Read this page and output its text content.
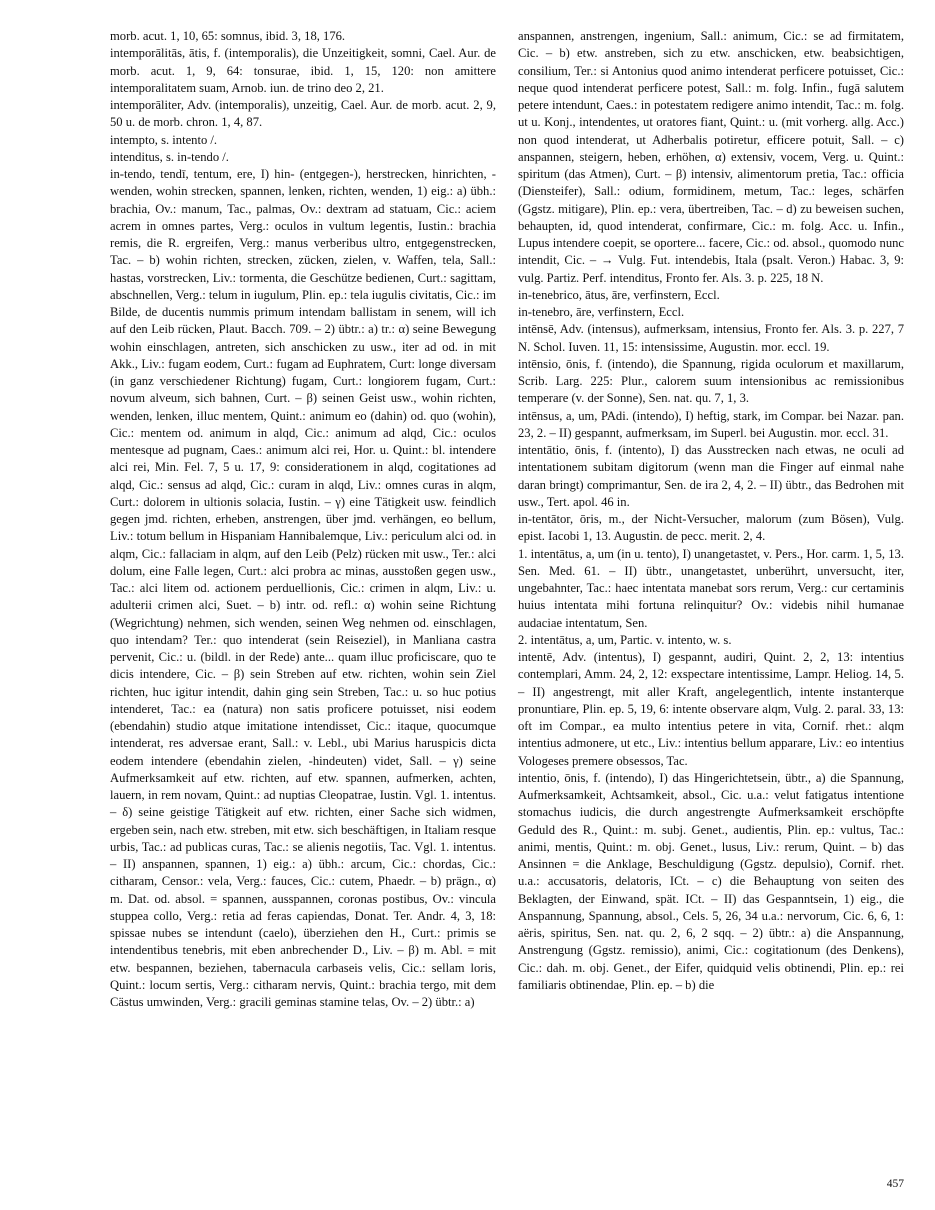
morb. acut. 1, 10, 65: somnus, ibid. 3, 18, 176.

intemporālitās, ātis, f. (intemporalis), die Unzeitigkeit, somni, Cael. Aur. de morb. acut. 1, 9, 64: tonsurae, ibid. 1, 15, 120: non amittere intemporalitatem suam, Arnob. iun. de trino deo 2, 21.

intemporāliter, Adv. (intemporalis), unzeitig, Cael. Aur. de morb. acut. 2, 9, 50 u. de morb. chron. 1, 4, 87.

intempto, s. intento /.

intenditus, s. in-tendo /.

in-tendo, tendī, tentum, ere, I) hin- (entgegen-), herstrecken, hinrichten, -wenden, wohin strecken, spannen, lenken, richten, wenden, 1) eig.: a) übh.: brachia, Ov.: manum, Tac., palmas, Ov.: dextram ad statuam, Cic.: aciem acrem in omnes partes, Verg.: oculos in vultum legentis, Iustin.: brachia remis, die R. ergreifen, Verg.: manus verberibus ultro, entgegenstrecken, Tac. – b) wohin richten, strecken, zücken, zielen, v. Waffen, tela, Sall.: hastas, vorstrecken, Liv.: tormenta, die Geschütze bedienen, Curt.: sagittam, abschnellen, Verg.: telum in iugulum, Plin. ep.: tela iugulis civitatis, Cic.: im Bilde, de ducentis nummis primum intendam ballistam in senem, will ich auf den Leib rücken, Plaut. Bacch. 709. – 2) übtr.: a) tr.: α) seine Bewegung wohin einschlagen, antreten, sich anschicken zu usw., iter ad od. in mit Akk., Liv.: fugam eodem, Curt.: fugam ad Euphratem, Curt: longe diversam (in ganz verschiedener Richtung) fugam, Curt.: longiorem fugam, Curt.: novum alveum, sich bahnen, Curt. – β) seinen Geist usw., wohin richten, wenden, lenken, illuc mentem, Quint.: animum eo (dahin) od. quo (wohin), Cic.: mentem od. animum in alqd, Cic.: animum ad alqd, Cic.: oculos mentesque ad pugnam, Caes.: animum alci rei, Hor. u. Quint.: bl. intendere alci rei, Min. Fel. 7, 5 u. 17, 9: considerationem in alqd, cogitationes ad alqd, Cic.: sensus ad alqd, Cic.: curam in alqd, Liv.: omnes curas in alqm, Curt.: dolorem in ultionis solacia, Iustin. – γ) eine Tätigkeit usw. feindlich gegen jmd. richten, erheben, anstrengen, über jmd. verhängen, eo bellum, Liv.: totum bellum in Hispaniam Hannibalemque, Liv.: periculum alci od. in alqm, Cic.: fallaciam in alqm, auf den Leib (Pelz) rücken mit usw., Ter.: alci dolum, eine Falle legen, Curt.: alci probra ac minas, ausstoßen gegen usw., Tac.: alci litem od. actionem perduellionis, Cic.: crimen in alqm, Liv.: u. adulterii crimen alci, Suet. – b) intr. od. refl.: α) wohin seine Richtung (Wegrichtung) nehmen, sich wenden, seinen Weg nehmen od. einschlagen, quo intendam? Ter.: quo intenderat (sein Reiseziel), in Manliana castra pervenit, Cic.: u. (bildl. in der Rede) ante... quam illuc proficiscare, quo te dicis intendere, Cic. – β) sein Streben auf etw. richten, wohin sein Ziel richten, huc igitur intendit, dahin ging sein Streben, Tac.: u. so huc potius intenderet, Tac.: ea (natura) non satis proficere potuisset, nisi eodem (ebendahin) studio atque imitatione intendisset, Cic.: itaque, quocumque intenderat, res adversae erant, Sall.: v. Lebl., ubi Marius haruspicis dicta eodem intendere (ebendahin zielen, -hindeuten) videt, Sall. – γ) seine Aufmerksamkeit auf etw. richten, auf etw. spannen, aufmerken, achten, lauern, in rem novam, Quint.: ad nuptias Cleopatrae, Iustin. Vgl. 1. intentus. – δ) seine geistige Tätigkeit auf etw. richten, einer Sache sich widmen, ergeben sein, nach etw. streben, mit etw. sich beschäftigen, in Italiam resque urbis, Tac.: ad publicas curas, Tac.: se alienis negotiis, Tac. Vgl. 1. intentus. – II) anspannen, spannen, 1) eig.: a) übh.: arcum, Cic.: chordas, Cic.: citharam, Censor.: vela, Verg.: fauces, Cic.: cutem, Phaedr. – b) prägn., α) m. Dat. od. absol. = spannen, ausspannen, coronas postibus, Ov.: vincula stuppea collo, Verg.: retia ad feras capiendas, Donat. Ter. Andr. 4, 3, 18: spissae nubes se intendunt (caelo), überziehen den H., Curt.: primis se intendentibus tenebris, mit eben anbrechender D., Liv. – β) m. Abl. = mit etw. bespannen, beziehen, tabernacula carbaseis velis, Cic.: sellam loris, Quint.: locum sertis, Verg.: citharam nervis, Quint.: brachia tergo, mit dem Cästus umwinden, Verg.: gracili geminas stamine telas, Ov. – 2) übtr.: a)

anspannen, anstrengen, ingenium, Sall.: animum, Cic.: se ad firmitatem, Cic. – b) etw. anstreben, sich zu etw. anschicken, etw. beabsichtigen, consilium, Ter.: si Antonius quod animo intenderat perficere potuisset, Cic.: neque quod intenderat perficere potest, Sall.: m. folg. Infin., fugā salutem petere intendunt, Caes.: in potestatem redigere animo intendit, Tac.: m. folg. ut u. Konj., intendentes, ut oratores fiant, Quint.: u. (mit vorherg. allg. Acc.) non quod intenderat, ut Adherbalis potiretur, efficere potuit, Sall. – c) anspannen, steigern, heben, erhöhen, α) extensiv, vocem, Verg. u. Quint.: spiritum (das Atmen), Curt. – β) intensiv, alimentorum pretia, Tac.: officia (Diensteifer), Sall.: odium, formidinem, metum, Tac.: leges, schärfen (Ggstz. mitigare), Plin. ep.: vera, übertreiben, Tac. – d) zu beweisen suchen, behaupten, id, quod intenderat, confirmare, Cic.: m. folg. Acc. u. Infin., Lupus intendere coepit, se oportere... facere, Cic.: od. absol., quomodo nunc intendit, Cic. – → Vulg. Fut. intendebis, Itala (psalt. Veron.) Habac. 3, 9: vulg. Partiz. Perf. intenditus, Fronto fer. Als. 3. p. 225, 18 N.

in-tenebrico, ātus, āre, verfinstern, Eccl.

in-tenebro, āre, verfinstern, Eccl.

intēnsē, Adv. (intensus), aufmerksam, intensius, Fronto fer. Als. 3. p. 227, 7 N. Schol. Iuven. 11, 15: intensissime, Augustin. mor. eccl. 19.

intēnsio, ōnis, f. (intendo), die Spannung, rigida oculorum et maxillarum, Scrib. Larg. 225: Plur., calorem suum intensionibus ac remissionibus temperare (v. der Sonne), Sen. nat. qu. 7, 1, 3.

intēnsus, a, um, PAdi. (intendo), I) heftig, stark, im Compar. bei Nazar. pan. 23, 2. – II) gespannt, aufmerksam, im Superl. bei Augustin. mor. eccl. 31.

intentātio, ōnis, f. (intento), I) das Ausstrecken nach etwas, ne oculi ad intentationem subitam digitorum (wenn man die Finger auf einmal nahe daran bringt) comprimantur, Sen. de ira 2, 4, 2. – II) übtr., das Bedrohen mit usw., Tert. apol. 46 in.

in-tentātor, ōris, m., der Nicht-Versucher, malorum (zum Bösen), Vulg. epist. Iacobi 1, 13. Augustin. de pecc. merit. 2, 4.

1. intentātus, a, um (in u. tento), I) unangetastet, v. Pers., Hor. carm. 1, 5, 13. Sen. Med. 61. – II) übtr., unangetastet, unberührt, unversucht, iter, ungebahnter, Tac.: haec intentata manebat sors rerum, Verg.: cur certaminis huius intentata mihi fortuna relinquitur? Ov.: videbis nihil humanae audaciae intentatum, Sen.

2. intentātus, a, um, Partic. v. intento, w. s.

intentē, Adv. (intentus), I) gespannt, audiri, Quint. 2, 2, 13: intentius contemplari, Amm. 24, 2, 12: exspectare intentissime, Lampr. Heliog. 14, 5. – II) angestrengt, mit aller Kraft, angelegentlich, intente instanterque pronuntiare, Plin. ep. 5, 19, 6: intente observare alqm, Vulg. 2. paral. 33, 13: oft im Compar., ea multo intentius petere in vita, Cornif. rhet.: alqm intentius admonere, ut etc., Liv.: intentius bellum apparare, Liv.: eo intentius Vologeses premere obsessos, Tac.

intentio, ōnis, f. (intendo), I) das Hingerichtetsein, übtr., a) die Spannung, Aufmerksamkeit, Achtsamkeit, absol., Cic. u.a.: velut fatigatus intentione stomachus iudicis, die durch angestrengte Aufmerksamkeit erschöpfte Geduld des R., Quint.: m. subj. Genet., audientis, Plin. ep.: vultus, Tac.: animi, mentis, Quint.: m. obj. Genet., lusus, Liv.: rerum, Quint. – b) das Ansinnen = die Anklage, Beschuldigung (Ggstz. depulsio), Cornif. rhet. u.a.: accusatoris, delatoris, ICt. – c) die Behauptung von seiten des Beklagten, der Einwand, spät. ICt. – II) das Gespanntsein, 1) eig., die Anspannung, Spannung, absol., Cels. 5, 26, 34 u.a.: nervorum, Cic. 6, 6, 1: aëris, spiritus, Sen. nat. qu. 2, 6, 2 sqq. – 2) übtr.: a) die Anspannung, Anstrengung (Ggstz. remissio), animi, Cic.: cogitationum (des Denkens), Cic.: dah. m. obj. Genet., der Eifer, quidquid velis obtinendi, Plin. ep.: rei familiaris obtinendae, Plin. ep. – b) die

457
